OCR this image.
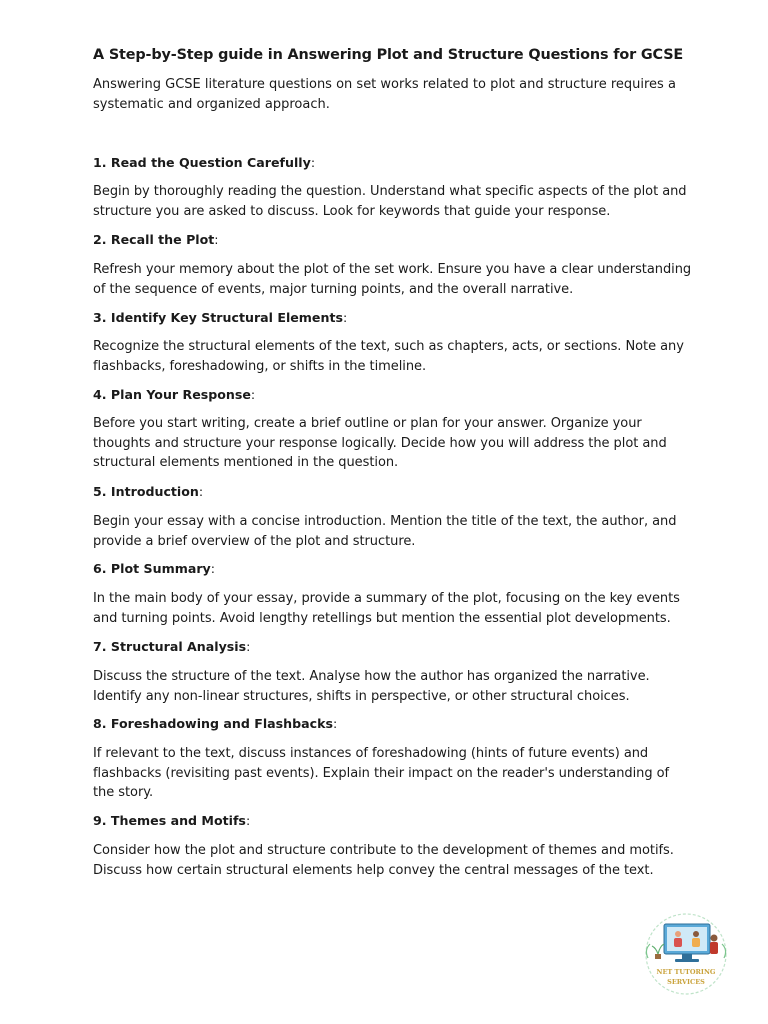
A Step-by-Step guide in Answering Plot and Structure Questions for GCSE
Answering GCSE literature questions on set works related to plot and structure requires a systematic and organized approach.
1. Read the Question Carefully:
Begin by thoroughly reading the question. Understand what specific aspects of the plot and structure you are asked to discuss. Look for keywords that guide your response.
2. Recall the Plot:
Refresh your memory about the plot of the set work. Ensure you have a clear understanding of the sequence of events, major turning points, and the overall narrative.
3. Identify Key Structural Elements:
Recognize the structural elements of the text, such as chapters, acts, or sections. Note any flashbacks, foreshadowing, or shifts in the timeline.
4. Plan Your Response:
Before you start writing, create a brief outline or plan for your answer. Organize your thoughts and structure your response logically. Decide how you will address the plot and structural elements mentioned in the question.
5. Introduction:
Begin your essay with a concise introduction. Mention the title of the text, the author, and provide a brief overview of the plot and structure.
6. Plot Summary:
In the main body of your essay, provide a summary of the plot, focusing on the key events and turning points. Avoid lengthy retellings but mention the essential plot developments.
7. Structural Analysis:
Discuss the structure of the text. Analyse how the author has organized the narrative. Identify any non-linear structures, shifts in perspective, or other structural choices.
8. Foreshadowing and Flashbacks:
If relevant to the text, discuss instances of foreshadowing (hints of future events) and flashbacks (revisiting past events). Explain their impact on the reader's understanding of the story.
9. Themes and Motifs:
Consider how the plot and structure contribute to the development of themes and motifs. Discuss how certain structural elements help convey the central messages of the text.
NET TUTORING
SERVICES
